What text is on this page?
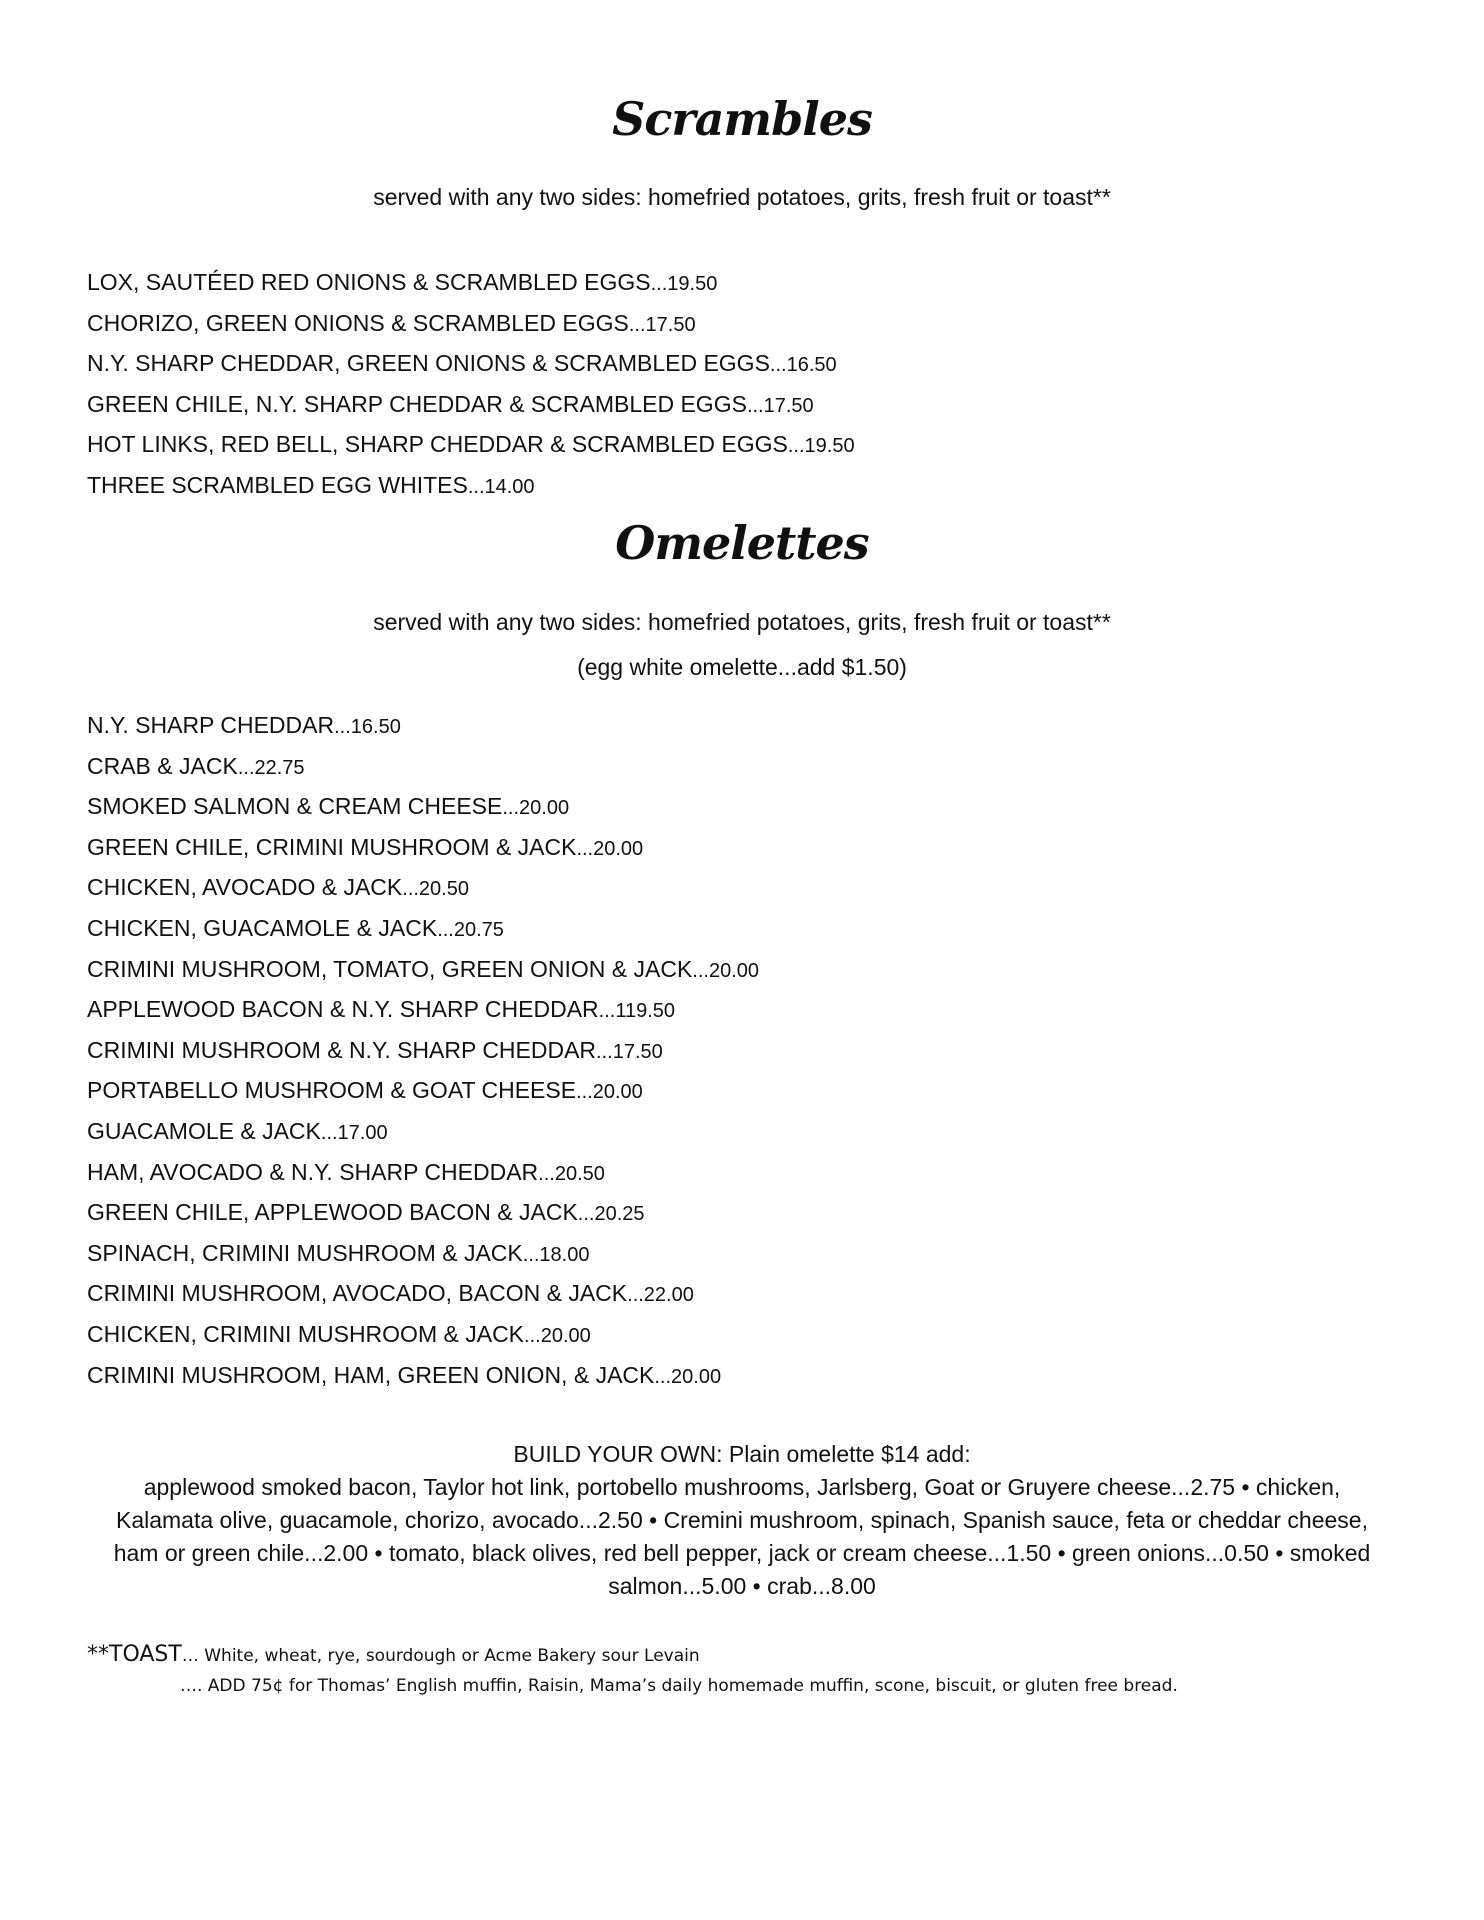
Scrambles

served with any two sides: homefried potatoes, grits, fresh fruit or toast**

LOX, SAUTÉED RED ONIONS & SCRAMBLED EGGS...19.50
CHORIZO, GREEN ONIONS & SCRAMBLED EGGS...17.50
N.Y. SHARP CHEDDAR, GREEN ONIONS & SCRAMBLED EGGS...16.50
GREEN CHILE, N.Y. SHARP CHEDDAR & SCRAMBLED EGGS...17.50
HOT LINKS, RED BELL, SHARP CHEDDAR & SCRAMBLED EGGS...19.50
THREE SCRAMBLED EGG WHITES...14.00
Omelettes

served with any two sides: homefried potatoes, grits, fresh fruit or toast**

(egg white omelette...add $1.50)

N.Y. SHARP CHEDDAR...16.50
CRAB & JACK...22.75
SMOKED SALMON & CREAM CHEESE...20.00
GREEN CHILE, CRIMINI MUSHROOM & JACK...20.00
CHICKEN, AVOCADO & JACK...20.50
CHICKEN, GUACAMOLE & JACK...20.75
CRIMINI MUSHROOM, TOMATO, GREEN ONION & JACK...20.00
APPLEWOOD BACON & N.Y. SHARP CHEDDAR...119.50
CRIMINI MUSHROOM & N.Y. SHARP CHEDDAR...17.50
PORTABELLO MUSHROOM & GOAT CHEESE...20.00
GUACAMOLE & JACK...17.00
HAM, AVOCADO & N.Y. SHARP CHEDDAR...20.50
GREEN CHILE, APPLEWOOD BACON & JACK...20.25
SPINACH, CRIMINI MUSHROOM & JACK...18.00
CRIMINI MUSHROOM, AVOCADO, BACON & JACK...22.00
CHICKEN, CRIMINI MUSHROOM & JACK...20.00
CRIMINI MUSHROOM, HAM, GREEN ONION, & JACK...20.00
BUILD YOUR OWN: Plain omelette $14 add:
applewood smoked bacon, Taylor hot link, portobello mushrooms, Jarlsberg, Goat or Gruyere cheese...2.75 • chicken, Kalamata olive, guacamole, chorizo, avocado...2.50 • Cremini mushroom, spinach, Spanish sauce, feta or cheddar cheese, ham or green chile...2.00 • tomato, black olives, red bell pepper, jack or cream cheese...1.50 • green onions...0.50 • smoked salmon...5.00 • crab...8.00
**TOAST… White, wheat, rye, sourdough or Acme Bakery sour Levain
…. ADD 75¢ for Thomas’ English muffin, Raisin, Mama’s daily homemade muffin, scone, biscuit, or gluten free bread.
